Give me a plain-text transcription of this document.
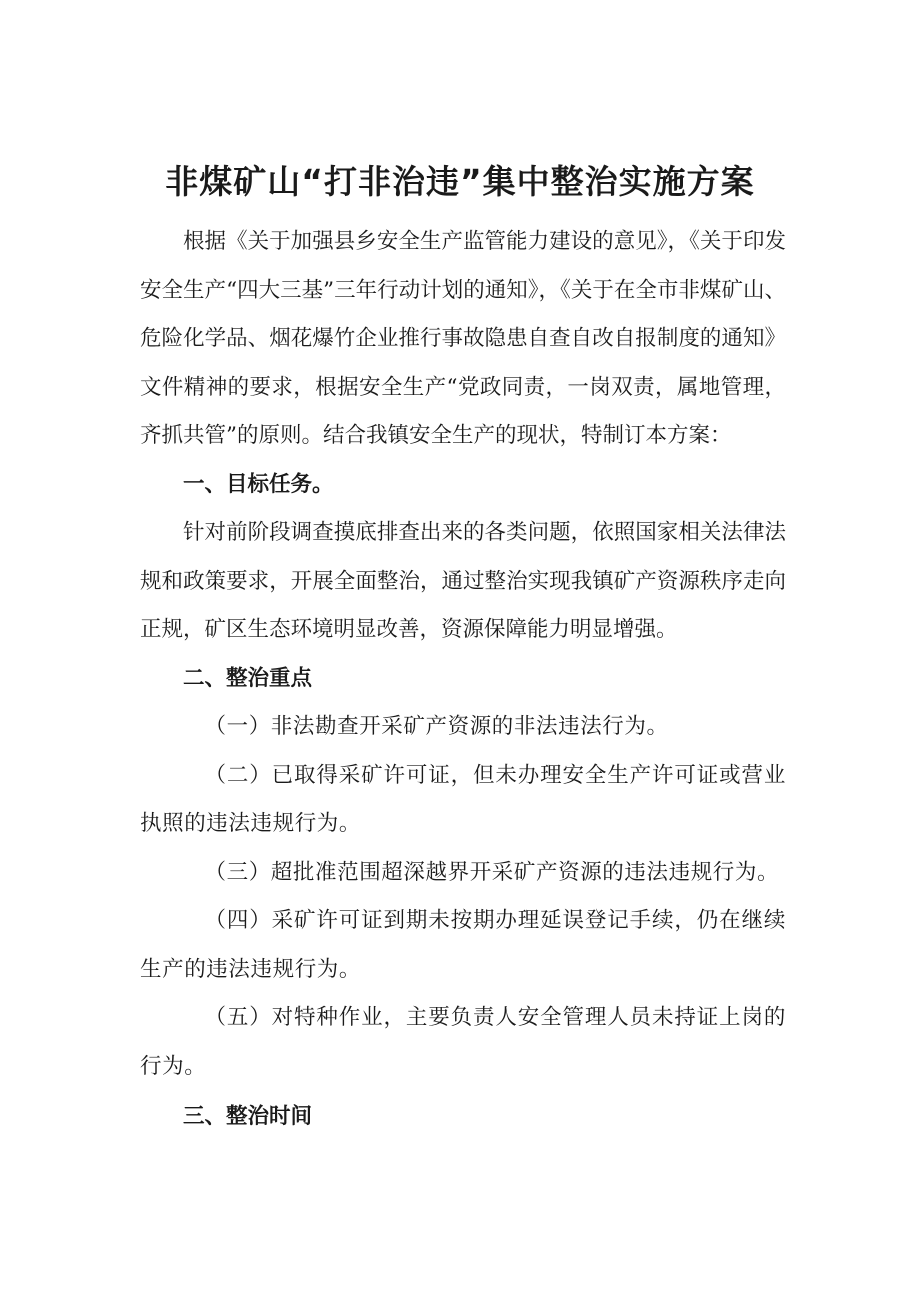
非煤矿山“打非治违”集中整治实施方案

根据《关于加强县乡安全生产监管能力建设的意见》，《关于印发安全生产“四大三基”三年行动计划的通知》，《关于在全市非煤矿山、危险化学品、烟花爆竹企业推行事故隐患自查自改自报制度的通知》文件精神的要求，根据安全生产“党政同责，一岗双责，属地管理，齐抓共管”的原则。结合我镇安全生产的现状，特制订本方案：

一、目标任务。

针对前阶段调查摸底排查出来的各类问题，依照国家相关法律法规和政策要求，开展全面整治，通过整治实现我镇矿产资源秩序走向正规，矿区生态环境明显改善，资源保障能力明显增强。

二、整治重点

（一）非法勘查开采矿产资源的非法违法行为。

（二）已取得采矿许可证，但未办理安全生产许可证或营业执照的违法违规行为。

（三）超批准范围超深越界开采矿产资源的违法违规行为。

（四）采矿许可证到期未按期办理延误登记手续，仍在继续生产的违法违规行为。

（五）对特种作业，主要负责人安全管理人员未持证上岗的行为。

三、整治时间
